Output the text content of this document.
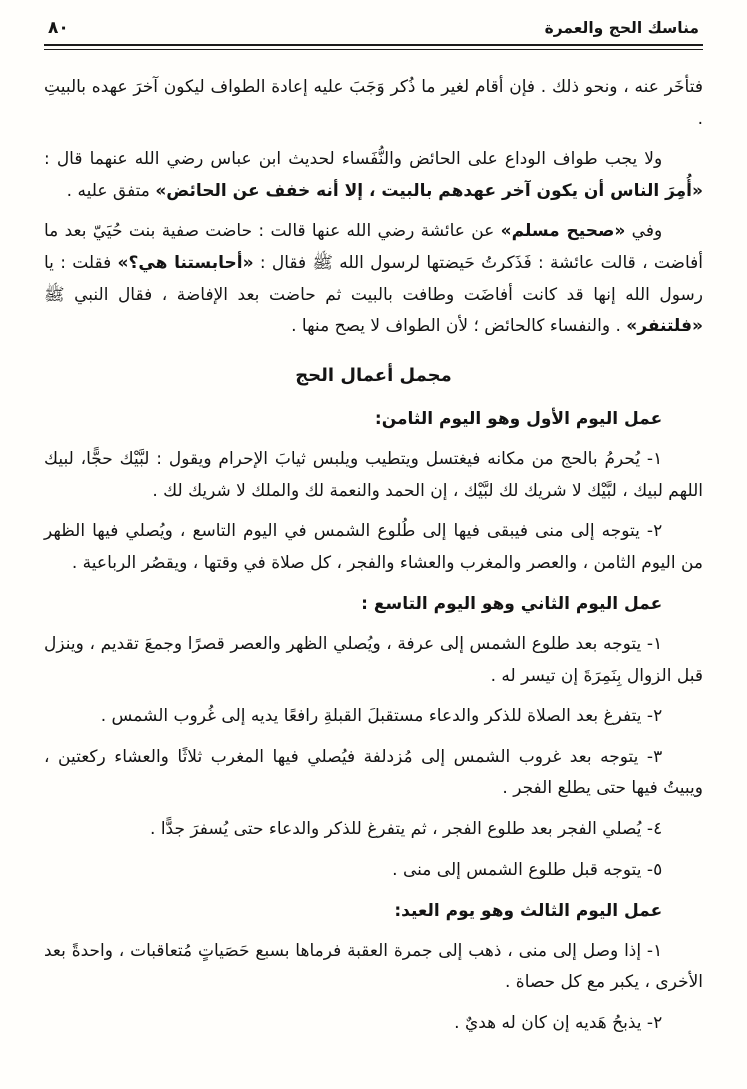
مناسك الحج والعمرة
٨٠
فتأخَر عنه ، ونحو ذلك . فإن أقام لغير ما ذُكر وَجَبَ عليه إعادة الطواف ليكون آخرَ عهده بالبيتِ .
ولا يجب طواف الوداع على الحائض والنُّفَساء لحديث ابن عباس رضي الله عنهما قال : «أُمِرَ الناس أن يكون آخر عهدهم بالبيت ، إلا أنه خفف عن الحائض» متفق عليه .
وفي «صحيح مسلم» عن عائشة رضي الله عنها قالت : حاضت صفية بنت حُيَيّ بعد ما أفاضت ، قالت عائشة : فَذَكرتُ حَيضتها لرسول الله ﷺ فقال : «أحابستنا هي؟» فقلت : يا رسول الله إنها قد كانت أفاضَت وطافت بالبيت ثم حاضت بعد الإفاضة ، فقال النبي ﷺ «فلتنفر» . والنفساء كالحائض ؛ لأن الطواف لا يصح منها .
مجمل أعمال الحج
عمل اليوم الأول وهو اليوم الثامن:
١- يُحرمُ بالحج من مكانه فيغتسل ويتطيب ويلبس ثيابَ الإحرام ويقول : لبَّيْك حجًّا، لبيك اللهم لبيك ، لبَّيْك لا شريك لك لبَّيْك ، إن الحمد والنعمة لك والملك لا شريك لك .
٢- يتوجه إلى منى فيبقى فيها إلى طُلوع الشمس في اليوم التاسع ، ويُصلي فيها الظهر من اليوم الثامن ، والعصر والمغرب والعشاء والفجر ، كل صلاة في وقتها ، ويقصُر الرباعية .
عمل اليوم الثاني وهو اليوم التاسع :
١- يتوجه بعد طلوع الشمس إلى عرفة ، ويُصلي الظهر والعصر قصرًا وجمعَ تقديم ، وينزل قبل الزوال بِنَمِرَةَ إن تيسر له .
٢- يتفرغ بعد الصلاة للذكر والدعاء مستقبلَ القبلةِ رافعًا يديه إلى غُروب الشمس .
٣- يتوجه بعد غروب الشمس إلى مُزدلفة فيُصلي فيها المغرب ثلاثًا والعشاء ركعتين ، ويبيتُ فيها حتى يطلع الفجر .
٤- يُصلي الفجر بعد طلوع الفجر ، ثم يتفرغ للذكر والدعاء حتى يُسفرَ جدًّا .
٥- يتوجه قبل طلوع الشمس إلى منى .
عمل اليوم الثالث وهو يوم العيد:
١- إذا وصل إلى منى ، ذهب إلى جمرة العقبة فرماها بسبع حَصَياتٍ مُتعاقبات ، واحدةً بعد الأخرى ، يكبر مع كل حصاة .
٢- يذبحُ هَديه إن كان له هديٌ .
